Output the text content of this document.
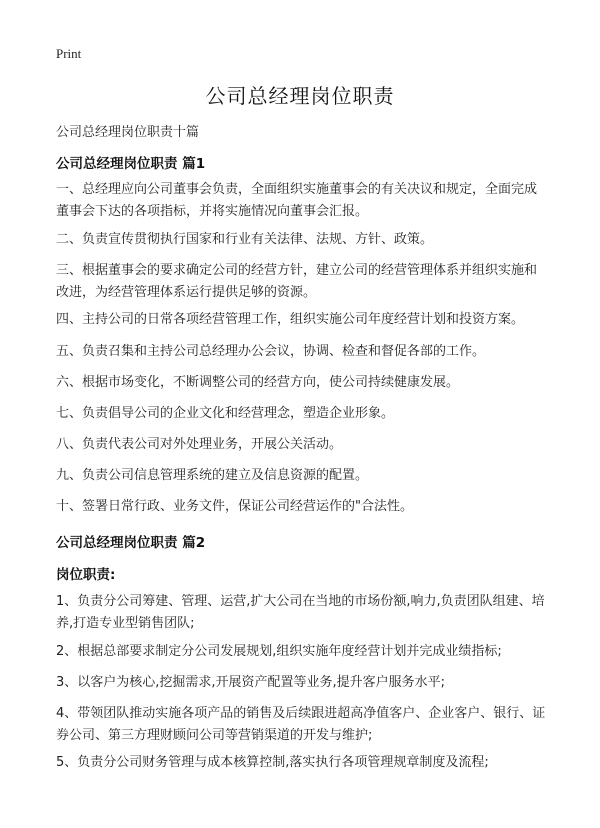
Print
公司总经理岗位职责
公司总经理岗位职责十篇
公司总经理岗位职责 篇1
一、总经理应向公司董事会负责，全面组织实施董事会的有关决议和规定，全面完成董事会下达的各项指标，并将实施情况向董事会汇报。
二、负责宣传贯彻执行国家和行业有关法律、法规、方针、政策。
三、根据董事会的要求确定公司的经营方针，建立公司的经营管理体系并组织实施和改进，为经营管理体系运行提供足够的资源。
四、主持公司的日常各项经营管理工作，组织实施公司年度经营计划和投资方案。
五、负责召集和主持公司总经理办公会议，协调、检查和督促各部的工作。
六、根据市场变化，不断调整公司的经营方向，使公司持续健康发展。
七、负责倡导公司的企业文化和经营理念，塑造企业形象。
八、负责代表公司对外处理业务，开展公关活动。
九、负责公司信息管理系统的建立及信息资源的配置。
十、签署日常行政、业务文件，保证公司经营运作的"合法性。
公司总经理岗位职责 篇2
岗位职责:
1、负责分公司筹建、管理、运营,扩大公司在当地的市场份额,响力,负责团队组建、培养,打造专业型销售团队;
2、根据总部要求制定分公司发展规划,组织实施年度经营计划并完成业绩指标;
3、以客户为核心,挖掘需求,开展资产配置等业务,提升客户服务水平;
4、带领团队推动实施各项产品的销售及后续跟进超高净值客户、企业客户、银行、证券公司、第三方理财顾问公司等营销渠道的开发与维护;
5、负责分公司财务管理与成本核算控制,落实执行各项管理规章制度及流程;
